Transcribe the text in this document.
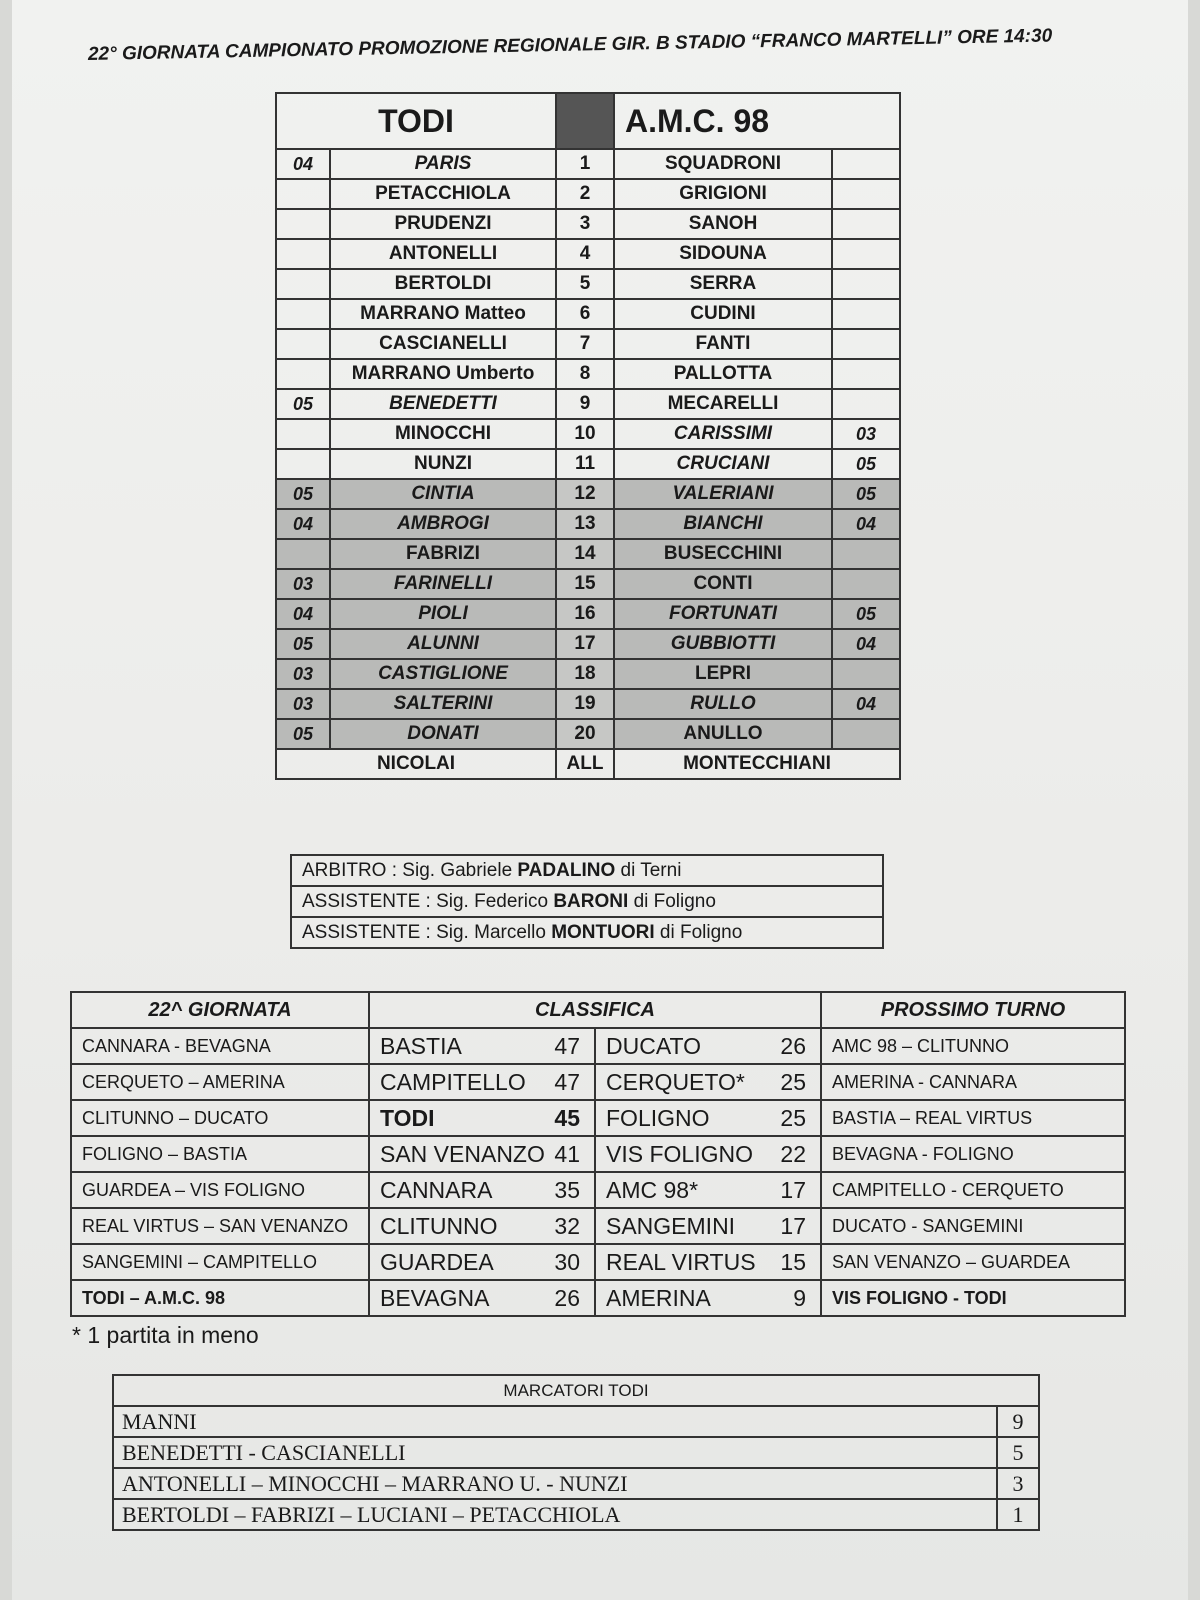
22° GIORNATA CAMPIONATO PROMOZIONE REGIONALE GIR. B STADIO “FRANCO MARTELLI” ORE 14:30
TODI			A.M.C. 98	
04	PARIS	1	SQUADRONI	
	PETACCHIOLA	2	GRIGIONI	
	PRUDENZI	3	SANOH	
	ANTONELLI	4	SIDOUNA	
	BERTOLDI	5	SERRA	
	MARRANO Matteo	6	CUDINI	
	CASCIANELLI	7	FANTI	
	MARRANO Umberto	8	PALLOTTA	
05	BENEDETTI	9	MECARELLI	
	MINOCCHI	10	CARISSIMI	03
	NUNZI	11	CRUCIANI	05
05	CINTIA	12	VALERIANI	05
04	AMBROGI	13	BIANCHI	04
	FABRIZI	14	BUSECCHINI	
03	FARINELLI	15	CONTI	
04	PIOLI	16	FORTUNATI	05
05	ALUNNI	17	GUBBIOTTI	04
03	CASTIGLIONE	18	LEPRI	
03	SALTERINI	19	RULLO	04
05	DONATI	20	ANULLO	
NICOLAI		ALL	MONTECCHIANI	
ARBITRO : Sig. Gabriele PADALINO di Terni
ASSISTENTE : Sig. Federico BARONI di Foligno
ASSISTENTE : Sig. Marcello MONTUORI di Foligno
22^ GIORNATA	CLASSIFICA		PROSSIMO TURNO
CANNARA - BEVAGNA	BASTIA 47	DUCATO 26	AMC 98 – CLITUNNO
CERQUETO – AMERINA	CAMPITELLO 47	CERQUETO* 25	AMERINA - CANNARA
CLITUNNO – DUCATO	TODI 45	FOLIGNO 25	BASTIA – REAL VIRTUS
FOLIGNO – BASTIA	SAN VENANZO 41	VIS FOLIGNO 22	BEVAGNA - FOLIGNO
GUARDEA – VIS FOLIGNO	CANNARA 35	AMC 98* 17	CAMPITELLO - CERQUETO
REAL VIRTUS – SAN VENANZO	CLITUNNO 32	SANGEMINI 17	DUCATO - SANGEMINI
SANGEMINI – CAMPITELLO	GUARDEA 30	REAL VIRTUS 15	SAN VENANZO – GUARDEA
TODI – A.M.C. 98	BEVAGNA 26	AMERINA 9	VIS FOLIGNO - TODI
* 1 partita in meno
MARCATORI TODI	
MANNI	9
BENEDETTI - CASCIANELLI	5
ANTONELLI – MINOCCHI – MARRANO U. - NUNZI	3
BERTOLDI – FABRIZI – LUCIANI – PETACCHIOLA	1
